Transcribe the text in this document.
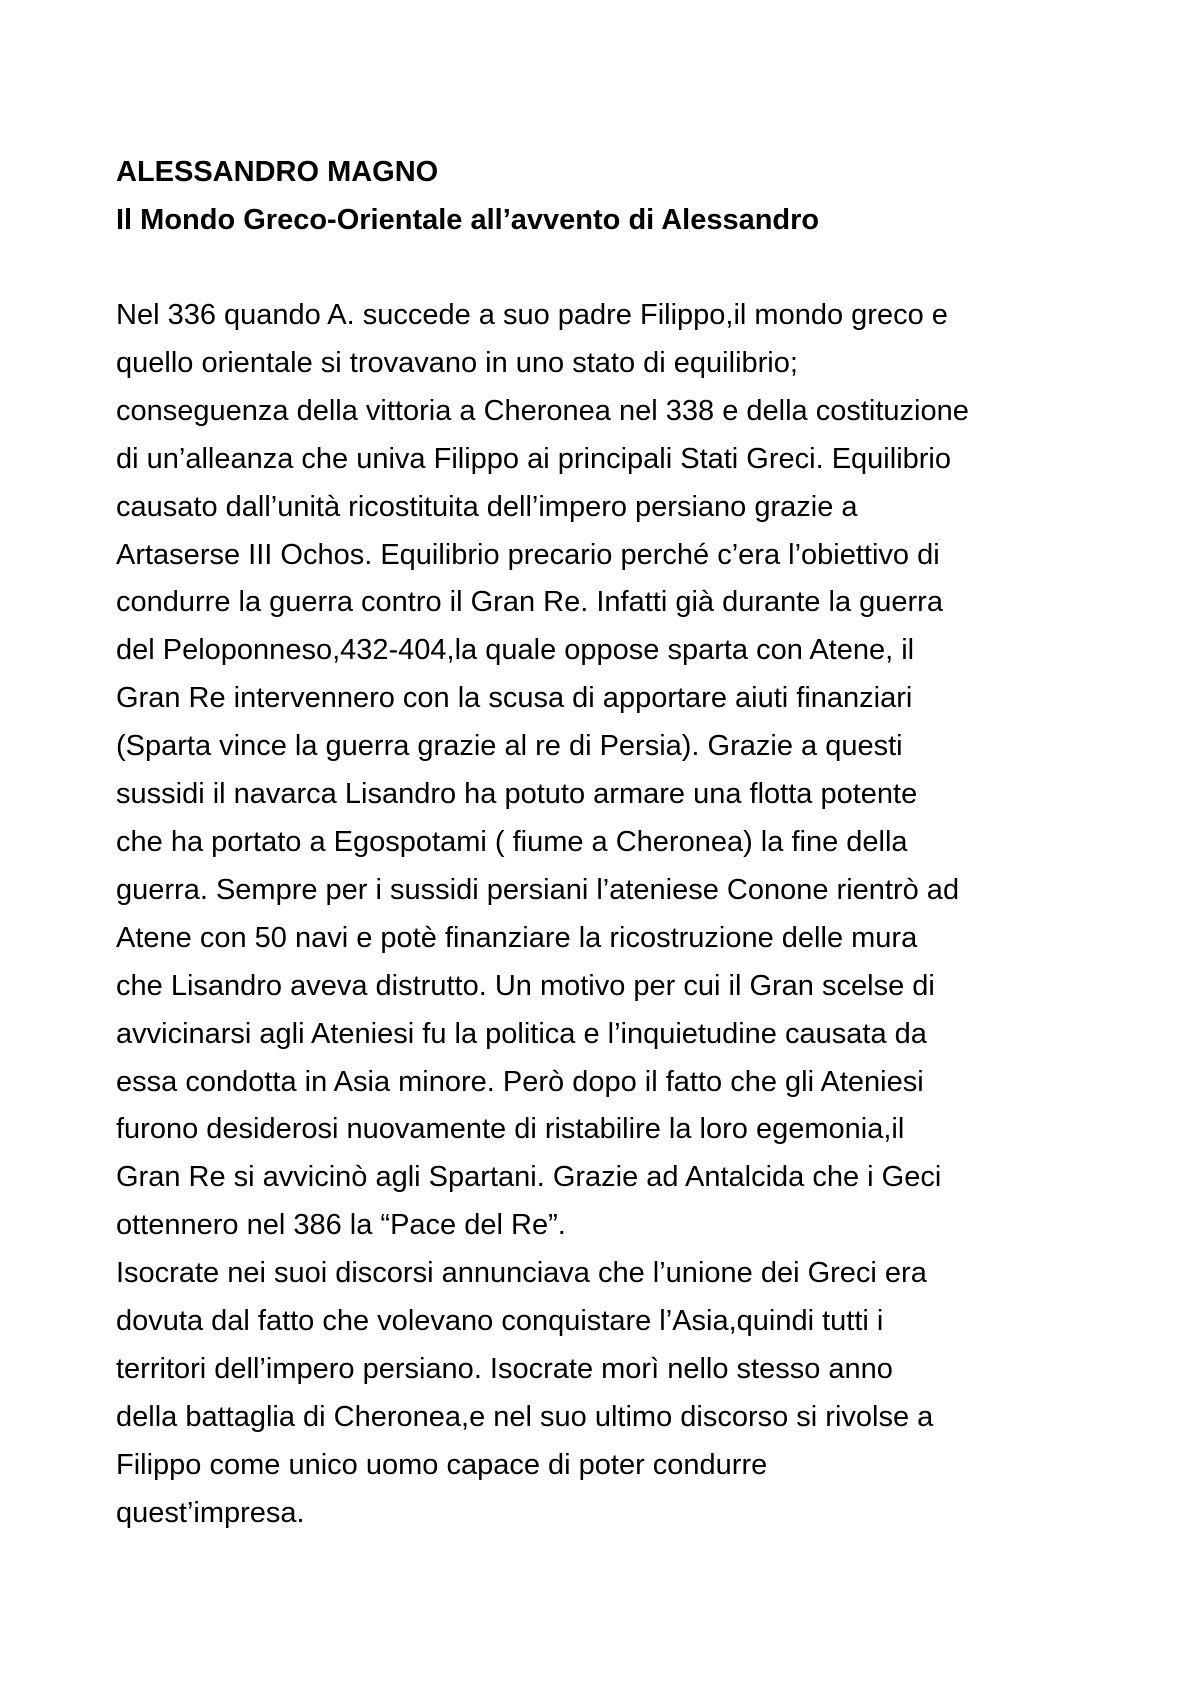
ALESSANDRO MAGNO
Il Mondo Greco-Orientale all’avvento di Alessandro
Nel 336 quando A. succede a suo padre Filippo,il mondo greco e
quello orientale si trovavano in uno stato di equilibrio;
conseguenza della vittoria a Cheronea nel 338 e della costituzione
di un’alleanza che univa Filippo ai principali Stati Greci. Equilibrio
causato dall’unità ricostituita dell’impero persiano grazie a
Artaserse III Ochos. Equilibrio precario perché c’era l’obiettivo di
condurre la guerra contro il Gran Re. Infatti già durante la guerra
del Peloponneso,432-404,la quale oppose sparta con Atene, il
Gran Re intervennero con la scusa di apportare aiuti finanziari
(Sparta vince la guerra grazie al re di Persia). Grazie a questi
sussidi il navarca Lisandro ha potuto armare una flotta potente
che ha portato a Egospotami ( fiume a Cheronea) la fine della
guerra. Sempre per i sussidi persiani l’ateniese Conone rientrò ad
Atene con 50 navi e potè finanziare la ricostruzione delle mura
che Lisandro aveva distrutto. Un motivo per cui il Gran scelse di
avvicinarsi agli Ateniesi fu la politica e l’inquietudine causata da
essa condotta in Asia minore. Però dopo il fatto che gli Ateniesi
furono desiderosi nuovamente di ristabilire la loro egemonia,il
Gran Re si avvicinò agli Spartani. Grazie ad Antalcida che i Geci
ottennero nel 386 la “Pace del Re”.
Isocrate nei suoi discorsi annunciava che l’unione dei Greci era
dovuta dal fatto che volevano conquistare l’Asia,quindi tutti i
territori dell’impero persiano. Isocrate morì nello stesso anno
della battaglia di Cheronea,e nel suo ultimo discorso si rivolse a
Filippo come unico uomo capace di poter condurre
quest’impresa.
